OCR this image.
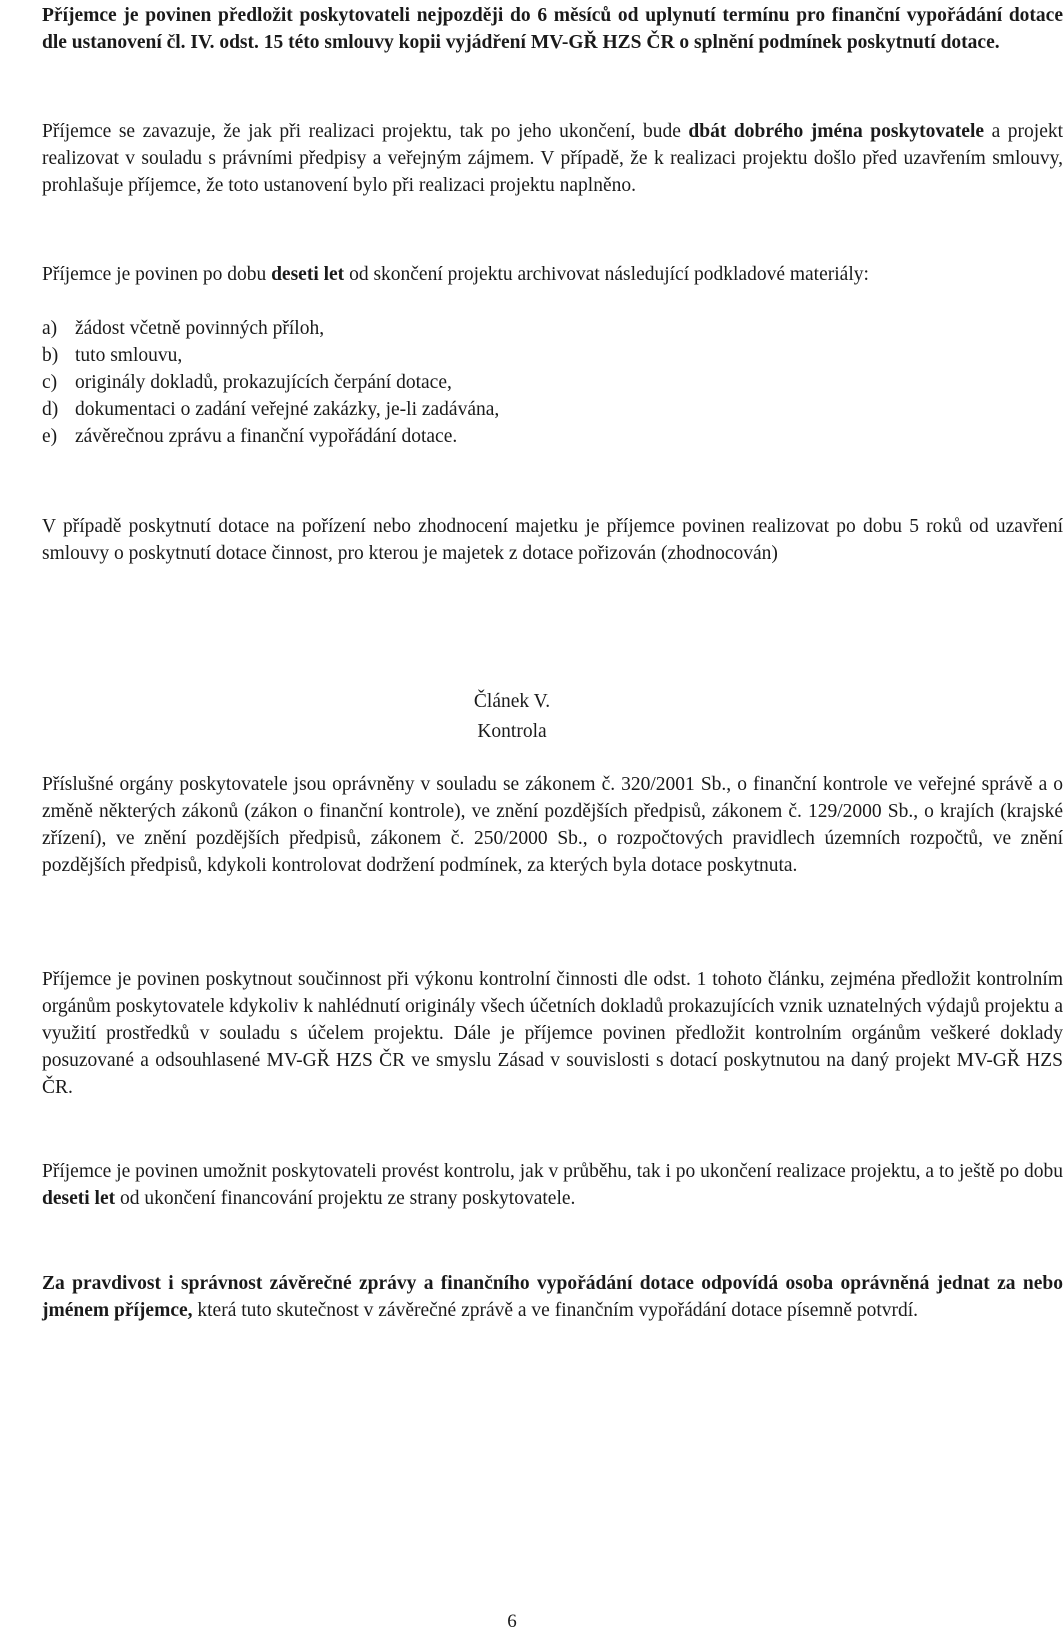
Příjemce je povinen předložit poskytovateli nejpozději do 6 měsíců od uplynutí termínu pro finanční vypořádání dotace dle ustanovení čl. IV. odst. 15 této smlouvy kopii vyjádření MV-GŘ HZS ČR o splnění podmínek poskytnutí dotace.
Příjemce se zavazuje, že jak při realizaci projektu, tak po jeho ukončení, bude dbát dobrého jména poskytovatele a projekt realizovat v souladu s právními předpisy a veřejným zájmem. V případě, že k realizaci projektu došlo před uzavřením smlouvy, prohlašuje příjemce, že toto ustanovení bylo při realizaci projektu naplněno.
Příjemce je povinen po dobu deseti let od skončení projektu archivovat následující podkladové materiály:
a) žádost včetně povinných příloh,
b) tuto smlouvu,
c) originály dokladů, prokazujících čerpání dotace,
d) dokumentaci o zadání veřejné zakázky, je-li zadávána,
e) závěrečnou zprávu a finanční vypořádání dotace.
V případě poskytnutí dotace na pořízení nebo zhodnocení majetku je příjemce povinen realizovat po dobu 5 roků od uzavření smlouvy o poskytnutí dotace činnost, pro kterou je majetek z dotace pořizován (zhodnocován)
Článek V.
Kontrola
Příslušné orgány poskytovatele jsou oprávněny v souladu se zákonem č. 320/2001 Sb., o finanční kontrole ve veřejné správě a o změně některých zákonů (zákon o finanční kontrole), ve znění pozdějších předpisů, zákonem č. 129/2000 Sb., o krajích (krajské zřízení), ve znění pozdějších předpisů, zákonem č. 250/2000 Sb., o rozpočtových pravidlech územních rozpočtů, ve znění pozdějších předpisů, kdykoli kontrolovat dodržení podmínek, za kterých byla dotace poskytnuta.
Příjemce je povinen poskytnout součinnost při výkonu kontrolní činnosti dle odst. 1 tohoto článku, zejména předložit kontrolním orgánům poskytovatele kdykoliv k nahlédnutí originály všech účetních dokladů prokazujících vznik uznatelných výdajů projektu a využití prostředků v souladu s účelem projektu. Dále je příjemce povinen předložit kontrolním orgánům veškeré doklady posuzované a odsouhlasené MV-GŘ HZS ČR ve smyslu Zásad v souvislosti s dotací poskytnutou na daný projekt MV-GŘ HZS ČR.
Příjemce je povinen umožnit poskytovateli provést kontrolu, jak v průběhu, tak i po ukončení realizace projektu, a to ještě po dobu deseti let od ukončení financování projektu ze strany poskytovatele.
Za pravdivost i správnost závěrečné zprávy a finančního vypořádání dotace odpovídá osoba oprávněná jednat za nebo jménem příjemce, která tuto skutečnost v závěrečné zprávě a ve finančním vypořádání dotace písemně potvrdí.
6
